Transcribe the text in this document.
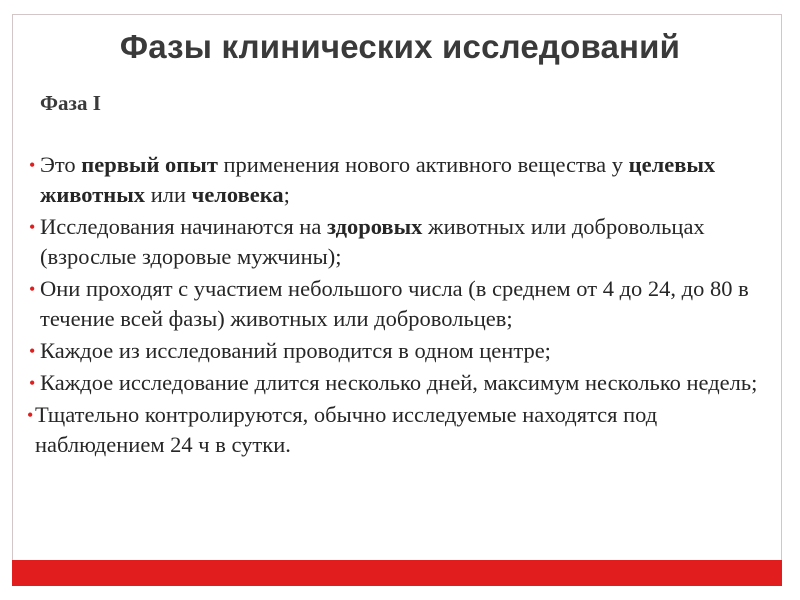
Фазы клинических исследований
Фаза I
• Это первый опыт применения нового активного вещества у целевых животных или человека;
• Исследования начинаются на здоровых животных или добровольцах (взрослые здоровые мужчины);
• Они проходят с участием небольшого числа (в среднем от 4 до 24, до 80 в течение всей фазы) животных или добровольцев;
• Каждое из исследований проводится в одном центре;
• Каждое исследование длится несколько дней, максимум несколько недель;
• Тщательно контролируются, обычно исследуемые находятся под наблюдением 24 ч в сутки.
